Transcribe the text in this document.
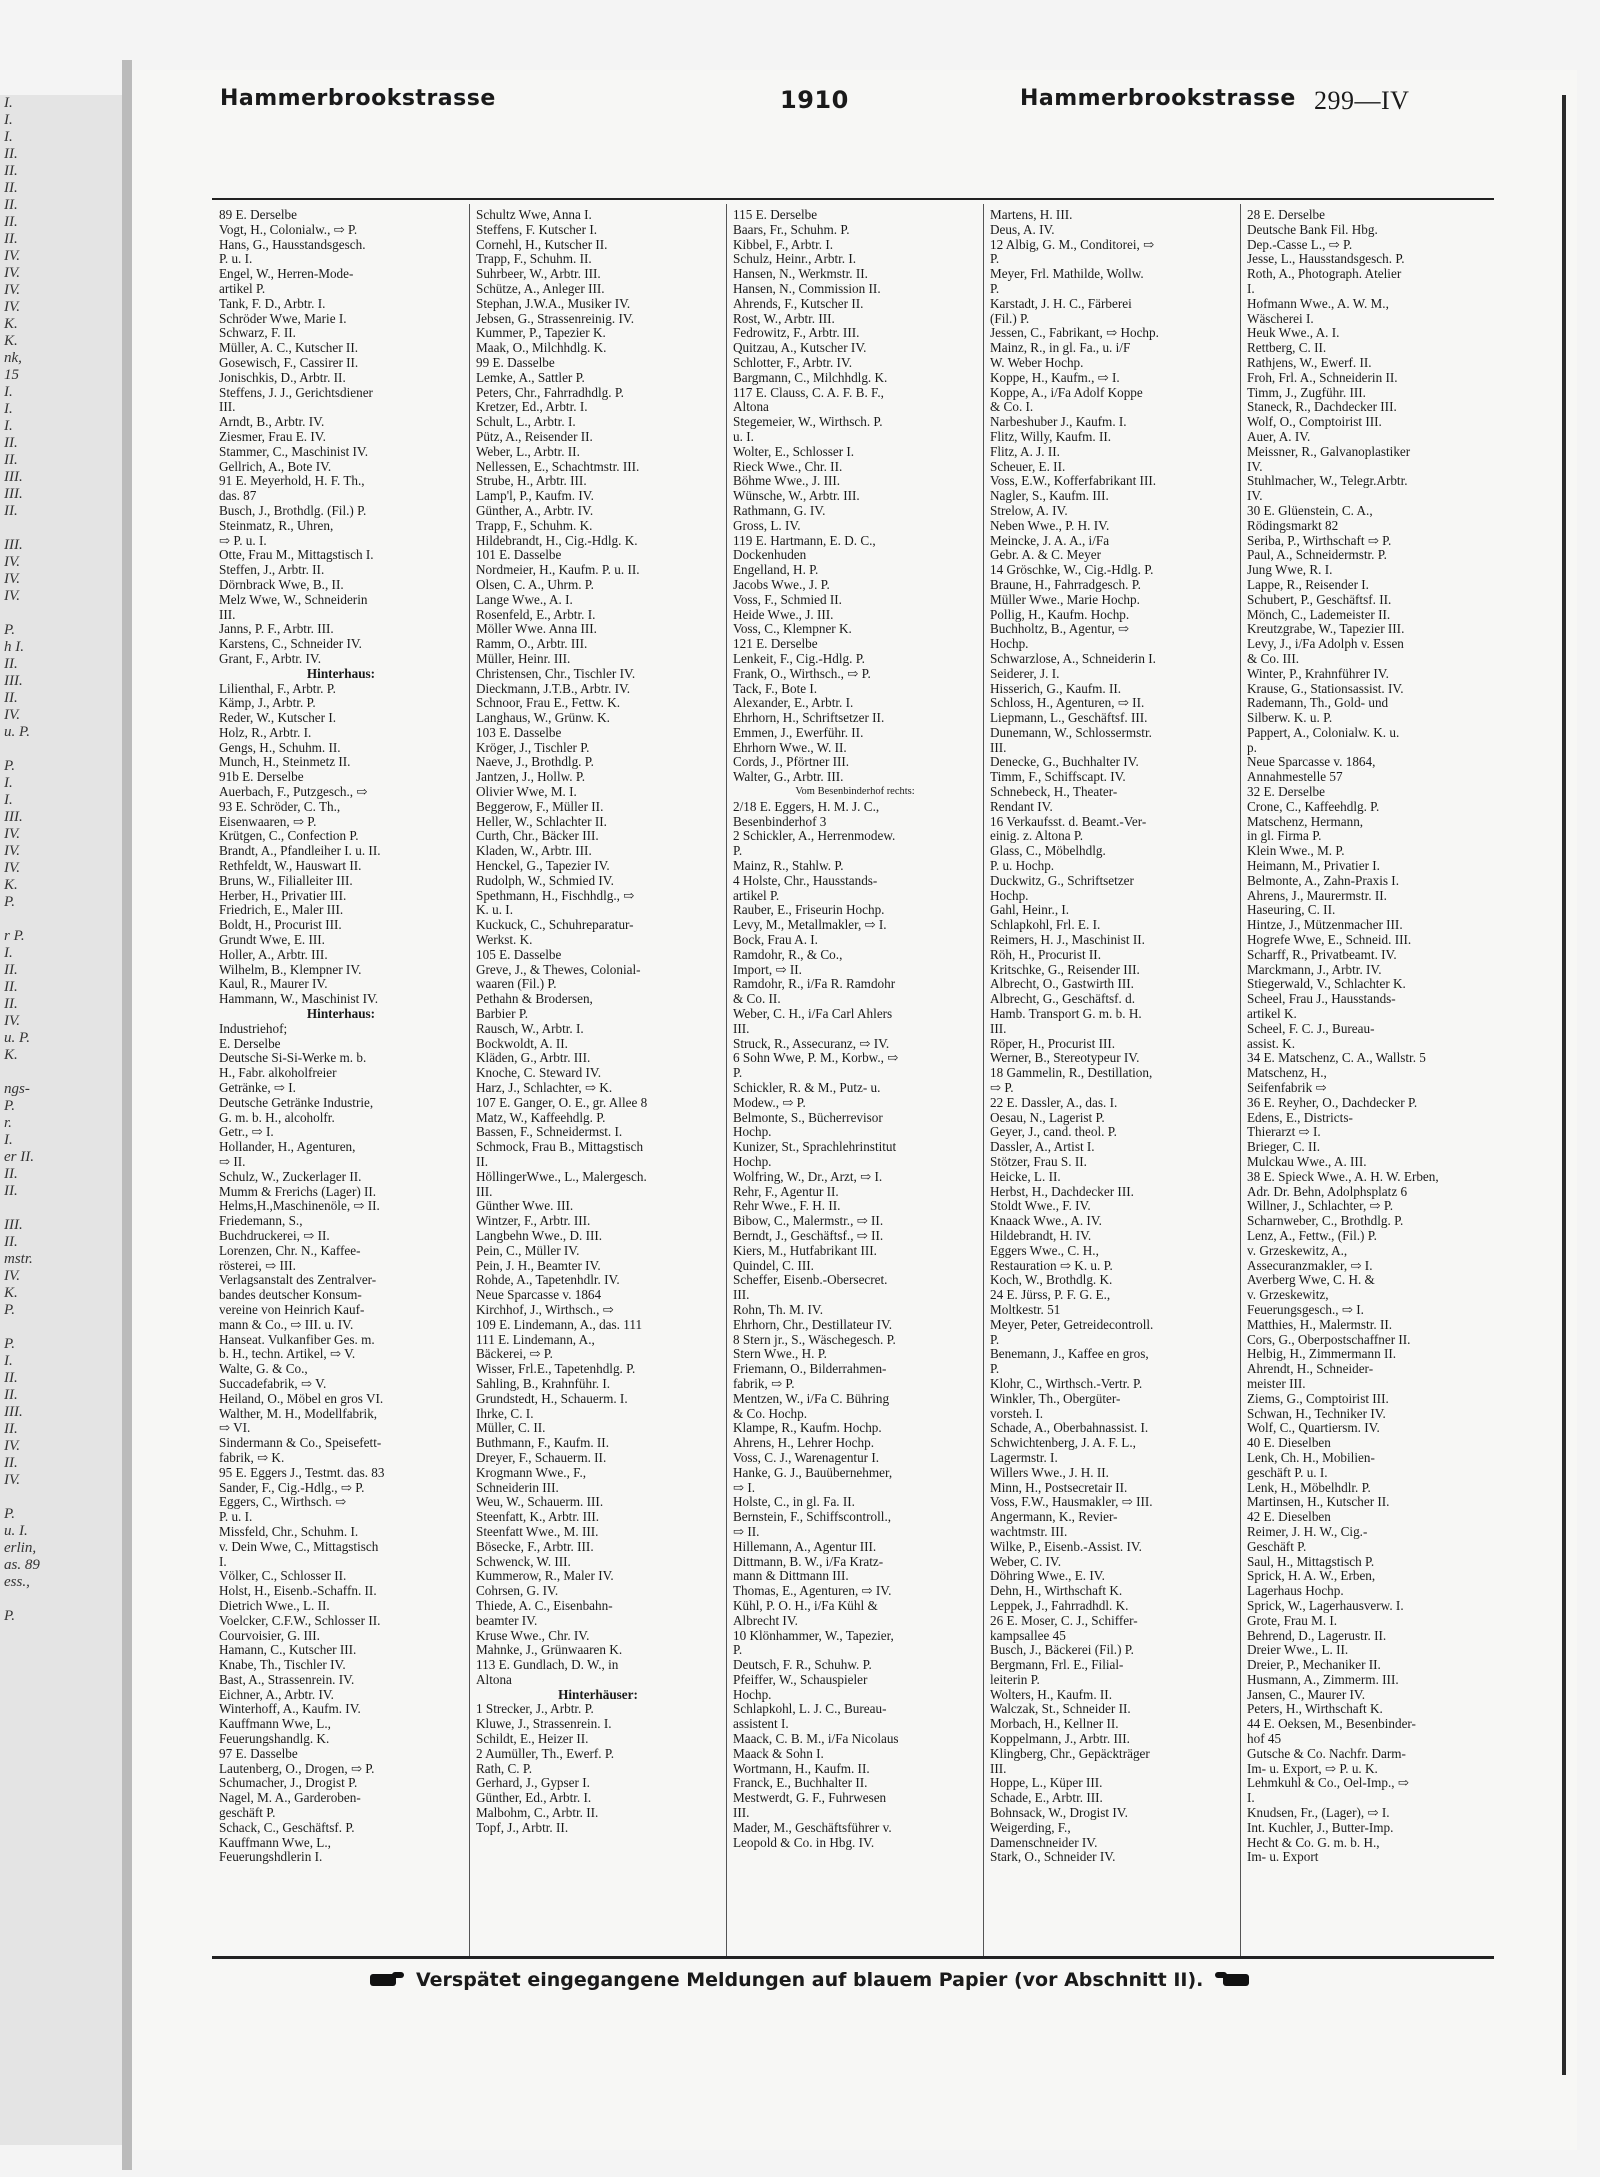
I.
I.
I.
II.
II.
II.
II.
II.
II.
IV.
IV.
IV.
IV.
K.
K.
nk,
15
I.
I.
I.
II.
II.
III.
III.
II.

III.
IV.
IV.
IV.

P.
h I.
II.
III.
II.
IV.
u. P.

P.
I.
I.
III.
IV.
IV.
IV.
K.
P.

r P.
I.
II.
II.
II.
IV.
u. P.
K.

ngs-
P.
r.
I.
er II.
II.
II.

III.
II.
mstr.
IV.
K.
P.

P.
I.
II.
II.
III.
II.
IV.
II.
IV.

P.
u. I.
erlin,
as. 89
ess.,

P.
Hammerbrookstrasse	1910	Hammerbrookstrasse 299—IV
89 E. Derselbe
Vogt, H., Colonialw., ⇨ P.
Hans, G., Hausstandsgesch.
P. u. I.
Engel, W., Herren-Mode-
artikel P.
Tank, F. D., Arbtr. I.
Schröder Wwe, Marie I.
Schwarz, F. II.
Müller, A. C., Kutscher II.
Gosewisch, F., Cassirer II.
Jonischkis, D., Arbtr. II.
Steffens, J. J., Gerichtsdiener
III.
Arndt, B., Arbtr. IV.
Ziesmer, Frau E. IV.
Stammer, C., Maschinist IV.
Gellrich, A., Bote IV.
91 E. Meyerhold, H. F. Th.,
das. 87
Busch, J., Brothdlg. (Fil.) P.
Steinmatz, R., Uhren,
⇨ P. u. I.
Otte, Frau M., Mittagstisch I.
Steffen, J., Arbtr. II.
Dörnbrack Wwe, B., II.
Melz Wwe, W., Schneiderin
III.
Janns, P. F., Arbtr. III.
Karstens, C., Schneider IV.
Grant, F., Arbtr. IV.
Hinterhaus:
Lilienthal, F., Arbtr. P.
Kämp, J., Arbtr. P.
Reder, W., Kutscher I.
Holz, R., Arbtr. I.
Gengs, H., Schuhm. II.
Munch, H., Steinmetz II.
91b E. Derselbe
Auerbach, F., Putzgesch., ⇨
93 E. Schröder, C. Th.,
Eisenwaaren, ⇨ P.
Krütgen, C., Confection P.
Brandt, A., Pfandleiher I. u. II.
Rethfeldt, W., Hauswart II.
Bruns, W., Filialleiter III.
Herber, H., Privatier III.
Friedrich, E., Maler III.
Boldt, H., Procurist III.
Grundt Wwe, E. III.
Holler, A., Arbtr. III.
Wilhelm, B., Klempner IV.
Kaul, R., Maurer IV.
Hammann, W., Maschinist IV.
Hinterhaus:
Industriehof;
E. Derselbe
Deutsche Si-Si-Werke m. b.
H., Fabr. alkoholfreier
Getränke, ⇨ I.
Deutsche Getränke Industrie,
G. m. b. H., alcoholfr.
Getr., ⇨ I.
Hollander, H., Agenturen,
⇨ II.
Schulz, W., Zuckerlager II.
Mumm & Frerichs (Lager) II.
Helms,H.,Maschinenöle, ⇨ II.
Friedemann, S.,
Buchdruckerei, ⇨ II.
Lorenzen, Chr. N., Kaffee-
rösterei, ⇨ III.
Verlagsanstalt des Zentralver-
bandes deutscher Konsum-
vereine von Heinrich Kauf-
mann & Co., ⇨ III. u. IV.
Hanseat. Vulkanfiber Ges. m.
b. H., techn. Artikel, ⇨ V.
Walte, G. & Co.,
Succadefabrik, ⇨ V.
Heiland, O., Möbel en gros VI.
Walther, M. H., Modellfabrik,
⇨ VI.
Sindermann & Co., Speisefett-
fabrik, ⇨ K.
95 E. Eggers J., Testmt. das. 83
Sander, F., Cig.-Hdlg., ⇨ P.
Eggers, C., Wirthsch. ⇨
P. u. I.
Missfeld, Chr., Schuhm. I.
v. Dein Wwe, C., Mittagstisch
I.
Völker, C., Schlosser II.
Holst, H., Eisenb.-Schaffn. II.
Dietrich Wwe., L. II.
Voelcker, C.F.W., Schlosser II.
Courvoisier, G. III.
Hamann, C., Kutscher III.
Knabe, Th., Tischler IV.
Bast, A., Strassenrein. IV.
Eichner, A., Arbtr. IV.
Winterhoff, A., Kaufm. IV.
Kauffmann Wwe, L.,
Feuerungshandlg. K.
97 E. Dasselbe
Lautenberg, O., Drogen, ⇨ P.
Schumacher, J., Drogist P.
Nagel, M. A., Garderoben-
geschäft P.
Schack, C., Geschäftsf. P.
Kauffmann Wwe, L.,
Feuerungshdlerin I.
Schultz Wwe, Anna I.
Steffens, F. Kutscher I.
Cornehl, H., Kutscher II.
Trapp, F., Schuhm. II.
Suhrbeer, W., Arbtr. III.
Schütze, A., Anleger III.
Stephan, J.W.A., Musiker IV.
Jebsen, G., Strassenreinig. IV.
Kummer, P., Tapezier K.
Maak, O., Milchhdlg. K.
99 E. Dasselbe
Lemke, A., Sattler P.
Peters, Chr., Fahrradhdlg. P.
Kretzer, Ed., Arbtr. I.
Schult, L., Arbtr. I.
Pütz, A., Reisender II.
Weber, L., Arbtr. II.
Nellessen, E., Schachtmstr. III.
Strube, H., Arbtr. III.
Lamp'l, P., Kaufm. IV.
Günther, A., Arbtr. IV.
Trapp, F., Schuhm. K.
Hildebrandt, H., Cig.-Hdlg. K.
101 E. Dasselbe
Nordmeier, H., Kaufm. P. u. II.
Olsen, C. A., Uhrm. P.
Lange Wwe., A. I.
Rosenfeld, E., Arbtr. I.
Möller Wwe. Anna III.
Ramm, O., Arbtr. III.
Müller, Heinr. III.
Christensen, Chr., Tischler IV.
Dieckmann, J.T.B., Arbtr. IV.
Schnoor, Frau E., Fettw. K.
Langhaus, W., Grünw. K.
103 E. Dasselbe
Kröger, J., Tischler P.
Naeve, J., Brothdlg. P.
Jantzen, J., Hollw. P.
Olivier Wwe, M. I.
Beggerow, F., Müller II.
Heller, W., Schlachter II.
Curth, Chr., Bäcker III.
Kladen, W., Arbtr. III.
Henckel, G., Tapezier IV.
Rudolph, W., Schmied IV.
Spethmann, H., Fischhdlg., ⇨
K. u. I.
Kuckuck, C., Schuhreparatur-
Werkst. K.
105 E. Dasselbe
Greve, J., & Thewes, Colonial-
waaren (Fil.) P.
Pethahn & Brodersen,
Barbier P.
Rausch, W., Arbtr. I.
Bockwoldt, A. II.
Kläden, G., Arbtr. III.
Knoche, C. Steward IV.
Harz, J., Schlachter, ⇨ K.
107 E. Ganger, O. E., gr. Allee 8
Matz, W., Kaffeehdlg. P.
Bassen, F., Schneidermst. I.
Schmock, Frau B., Mittagstisch
II.
HöllingerWwe., L., Malergesch.
III.
Günther Wwe. III.
Wintzer, F., Arbtr. III.
Langbehn Wwe., D. III.
Pein, C., Müller IV.
Pein, J. H., Beamter IV.
Rohde, A., Tapetenhdlr. IV.
Neue Sparcasse v. 1864
Kirchhof, J., Wirthsch., ⇨
109 E. Lindemann, A., das. 111
111 E. Lindemann, A.,
Bäckerei, ⇨ P.
Wisser, Frl.E., Tapetenhdlg. P.
Sahling, B., Krahnführ. I.
Grundstedt, H., Schauerm. I.
Ihrke, C. I.
Müller, C. II.
Buthmann, F., Kaufm. II.
Dreyer, F., Schauerm. II.
Krogmann Wwe., F.,
Schneiderin III.
Weu, W., Schauerm. III.
Steenfatt, K., Arbtr. III.
Steenfatt Wwe., M. III.
Bösecke, F., Arbtr. III.
Schwenck, W. III.
Kummerow, R., Maler IV.
Cohrsen, G. IV.
Thiede, A. C., Eisenbahn-
beamter IV.
Kruse Wwe., Chr. IV.
Mahnke, J., Grünwaaren K.
113 E. Gundlach, D. W., in
Altona
Hinterhäuser:
1 Strecker, J., Arbtr. P.
Kluwe, J., Strassenrein. I.
Schildt, E., Heizer II.
2 Aumüller, Th., Ewerf. P.
Rath, C. P.
Gerhard, J., Gypser I.
Günther, Ed., Arbtr. I.
Malbohm, C., Arbtr. II.
Topf, J., Arbtr. II.
115 E. Derselbe
Baars, Fr., Schuhm. P.
Kibbel, F., Arbtr. I.
Schulz, Heinr., Arbtr. I.
Hansen, N., Werkmstr. II.
Hansen, N., Commission II.
Ahrends, F., Kutscher II.
Rost, W., Arbtr. III.
Fedrowitz, F., Arbtr. III.
Quitzau, A., Kutscher IV.
Schlotter, F., Arbtr. IV.
Bargmann, C., Milchhdlg. K.
117 E. Clauss, C. A. F. B. F.,
Altona
Stegemeier, W., Wirthsch. P.
u. I.
Wolter, E., Schlosser I.
Rieck Wwe., Chr. II.
Böhme Wwe., J. III.
Wünsche, W., Arbtr. III.
Rathmann, G. IV.
Gross, L. IV.
119 E. Hartmann, E. D. C.,
Dockenhuden
Engelland, H. P.
Jacobs Wwe., J. P.
Voss, F., Schmied II.
Heide Wwe., J. III.
Voss, C., Klempner K.
121 E. Derselbe
Lenkeit, F., Cig.-Hdlg. P.
Frank, O., Wirthsch., ⇨ P.
Tack, F., Bote I.
Alexander, E., Arbtr. I.
Ehrhorn, H., Schriftsetzer II.
Emmen, J., Ewerführ. II.
Ehrhorn Wwe., W. II.
Cords, J., Pförtner III.
Walter, G., Arbtr. III.
Vom Besenbinderhof rechts:
2/18 E. Eggers, H. M. J. C.,
Besenbinderhof 3
2 Schickler, A., Herrenmodew.
P.
Mainz, R., Stahlw. P.
4 Holste, Chr., Hausstands-
artikel P.
Rauber, E., Friseurin Hochp.
Levy, M., Metallmakler, ⇨ I.
Bock, Frau A. I.
Ramdohr, R., & Co.,
Import, ⇨ II.
Ramdohr, R., i/Fa R. Ramdohr
& Co. II.
Weber, C. H., i/Fa Carl Ahlers
III.
Struck, R., Assecuranz, ⇨ IV.
6 Sohn Wwe, P. M., Korbw., ⇨
P.
Schickler, R. & M., Putz- u.
Modew., ⇨ P.
Belmonte, S., Bücherrevisor
Hochp.
Kunizer, St., Sprachlehrinstitut
Hochp.
Wolfring, W., Dr., Arzt, ⇨ I.
Rehr, F., Agentur II.
Rehr Wwe., F. H. II.
Bibow, C., Malermstr., ⇨ II.
Berndt, J., Geschäftsf., ⇨ II.
Kiers, M., Hutfabrikant III.
Quindel, C. III.
Scheffer, Eisenb.-Obersecret.
III.
Rohn, Th. M. IV.
Ehrhorn, Chr., Destillateur IV.
8 Stern jr., S., Wäschegesch. P.
Stern Wwe., H. P.
Friemann, O., Bilderrahmen-
fabrik, ⇨ P.
Mentzen, W., i/Fa C. Bühring
& Co. Hochp.
Klampe, R., Kaufm. Hochp.
Ahrens, H., Lehrer Hochp.
Voss, C. J., Warenagentur I.
Hanke, G. J., Bauübernehmer,
⇨ I.
Holste, C., in gl. Fa. II.
Bernstein, F., Schiffscontroll.,
⇨ II.
Hillemann, A., Agentur III.
Dittmann, B. W., i/Fa Kratz-
mann & Dittmann III.
Thomas, E., Agenturen, ⇨ IV.
Kühl, P. O. H., i/Fa Kühl &
Albrecht IV.
10 Klönhammer, W., Tapezier,
P.
Deutsch, F. R., Schuhw. P.
Pfeiffer, W., Schauspieler
Hochp.
Schlapkohl, L. J. C., Bureau-
assistent I.
Maack, C. B. M., i/Fa Nicolaus
Maack & Sohn I.
Wortmann, H., Kaufm. II.
Franck, E., Buchhalter II.
Mestwerdt, G. F., Fuhrwesen
III.
Mader, M., Geschäftsführer v.
Leopold & Co. in Hbg. IV.
Martens, H. III.
Deus, A. IV.
12 Albig, G. M., Conditorei, ⇨
P.
Meyer, Frl. Mathilde, Wollw.
P.
Karstadt, J. H. C., Färberei
(Fil.) P.
Jessen, C., Fabrikant, ⇨ Hochp.
Mainz, R., in gl. Fa., u. i/F
W. Weber Hochp.
Koppe, H., Kaufm., ⇨ I.
Koppe, A., i/Fa Adolf Koppe
& Co. I.
Narbeshuber J., Kaufm. I.
Flitz, Willy, Kaufm. II.
Flitz, A. J. II.
Scheuer, E. II.
Voss, E.W., Kofferfabrikant III.
Nagler, S., Kaufm. III.
Strelow, A. IV.
Neben Wwe., P. H. IV.
Meincke, J. A. A., i/Fa
Gebr. A. & C. Meyer
14 Gröschke, W., Cig.-Hdlg. P.
Braune, H., Fahrradgesch. P.
Müller Wwe., Marie Hochp.
Pollig, H., Kaufm. Hochp.
Buchholtz, B., Agentur, ⇨
Hochp.
Schwarzlose, A., Schneiderin I.
Seiderer, J. I.
Hisserich, G., Kaufm. II.
Schloss, H., Agenturen, ⇨ II.
Liepmann, L., Geschäftsf. III.
Dunemann, W., Schlossermstr.
III.
Denecke, G., Buchhalter IV.
Timm, F., Schiffscapt. IV.
Schnebeck, H., Theater-
Rendant IV.
16 Verkaufsst. d. Beamt.-Ver-
einig. z. Altona P.
Glass, C., Möbelhdlg.
P. u. Hochp.
Duckwitz, G., Schriftsetzer
Hochp.
Gahl, Heinr., I.
Schlapkohl, Frl. E. I.
Reimers, H. J., Maschinist II.
Röh, H., Procurist II.
Kritschke, G., Reisender III.
Albrecht, O., Gastwirth III.
Albrecht, G., Geschäftsf. d.
Hamb. Transport G. m. b. H.
III.
Röper, H., Procurist III.
Werner, B., Stereotypeur IV.
18 Gammelin, R., Destillation,
⇨ P.
22 E. Dassler, A., das. I.
Oesau, N., Lagerist P.
Geyer, J., cand. theol. P.
Dassler, A., Artist I.
Stötzer, Frau S. II.
Heicke, L. II.
Herbst, H., Dachdecker III.
Stoldt Wwe., F. IV.
Knaack Wwe., A. IV.
Hildebrandt, H. IV.
Eggers Wwe., C. H.,
Restauration ⇨ K. u. P.
Koch, W., Brothdlg. K.
24 E. Jürss, P. F. G. E.,
Moltkestr. 51
Meyer, Peter, Getreidecontroll.
P.
Benemann, J., Kaffee en gros,
P.
Klohr, C., Wirthsch.-Vertr. P.
Winkler, Th., Obergüter-
vorsteh. I.
Schade, A., Oberbahnassist. I.
Schwichtenberg, J. A. F. L.,
Lagermstr. I.
Willers Wwe., J. H. II.
Minn, H., Postsecretair II.
Voss, F.W., Hausmakler, ⇨ III.
Angermann, K., Revier-
wachtmstr. III.
Wilke, P., Eisenb.-Assist. IV.
Weber, C. IV.
Döhring Wwe., E. IV.
Dehn, H., Wirthschaft K.
Leppek, J., Fahrradhdl. K.
26 E. Moser, C. J., Schiffer-
kampsallee 45
Busch, J., Bäckerei (Fil.) P.
Bergmann, Frl. E., Filial-
leiterin P.
Wolters, H., Kaufm. II.
Walczak, St., Schneider II.
Morbach, H., Kellner II.
Koppelmann, J., Arbtr. III.
Klingberg, Chr., Gepäckträger
III.
Hoppe, L., Küper III.
Schade, E., Arbtr. III.
Bohnsack, W., Drogist IV.
Weigerding, F.,
Damenschneider IV.
Stark, O., Schneider IV.
28 E. Derselbe
Deutsche Bank Fil. Hbg.
Dep.-Casse L., ⇨ P.
Jesse, L., Hausstandsgesch. P.
Roth, A., Photograph. Atelier
I.
Hofmann Wwe., A. W. M.,
Wäscherei I.
Heuk Wwe., A. I.
Rettberg, C. II.
Rathjens, W., Ewerf. II.
Froh, Frl. A., Schneiderin II.
Timm, J., Zugführ. III.
Staneck, R., Dachdecker III.
Wolf, O., Comptoirist III.
Auer, A. IV.
Meissner, R., Galvanoplastiker
IV.
Stuhlmacher, W., Telegr.Arbtr.
IV.
30 E. Glüenstein, C. A.,
Rödingsmarkt 82
Seriba, P., Wirthschaft ⇨ P.
Paul, A., Schneidermstr. P.
Jung Wwe, R. I.
Lappe, R., Reisender I.
Schubert, P., Geschäftsf. II.
Mönch, C., Lademeister II.
Kreutzgrabe, W., Tapezier III.
Levy, J., i/Fa Adolph v. Essen
& Co. III.
Winter, P., Krahnführer IV.
Krause, G., Stationsassist. IV.
Rademann, Th., Gold- und
Silberw. K. u. P.
Pappert, A., Colonialw. K. u.
p.
Neue Sparcasse v. 1864,
Annahmestelle 57
32 E. Derselbe
Crone, C., Kaffeehdlg. P.
Matschenz, Hermann,
in gl. Firma P.
Klein Wwe., M. P.
Heimann, M., Privatier I.
Belmonte, A., Zahn-Praxis I.
Ahrens, J., Maurermstr. II.
Haseuring, C. II.
Hintze, J., Mützenmacher III.
Hogrefe Wwe, E., Schneid. III.
Scharff, R., Privatbeamt. IV.
Marckmann, J., Arbtr. IV.
Stiegerwald, V., Schlachter K.
Scheel, Frau J., Hausstands-
artikel K.
Scheel, F. C. J., Bureau-
assist. K.
34 E. Matschenz, C. A., Wallstr. 5
Matschenz, H.,
Seifenfabrik ⇨
36 E. Reyher, O., Dachdecker P.
Edens, E., Districts-
Thierarzt ⇨ I.
Brieger, C. II.
Mulckau Wwe., A. III.
38 E. Spieck Wwe., A. H. W. Erben,
Adr. Dr. Behn, Adolphsplatz 6
Willner, J., Schlachter, ⇨ P.
Scharnweber, C., Brothdlg. P.
Lenz, A., Fettw., (Fil.) P.
v. Grzeskewitz, A.,
Assecuranzmakler, ⇨ I.
Averberg Wwe, C. H. &
v. Grzeskewitz,
Feuerungsgesch., ⇨ I.
Matthies, H., Malermstr. II.
Cors, G., Oberpostschaffner II.
Helbig, H., Zimmermann II.
Ahrendt, H., Schneider-
meister III.
Ziems, G., Comptoirist III.
Schwan, H., Techniker IV.
Wolf, C., Quartiersm. IV.
40 E. Dieselben
Lenk, Ch. H., Mobilien-
geschäft P. u. I.
Lenk, H., Möbelhdlr. P.
Martinsen, H., Kutscher II.
42 E. Dieselben
Reimer, J. H. W., Cig.-
Geschäft P.
Saul, H., Mittagstisch P.
Sprick, H. A. W., Erben,
Lagerhaus Hochp.
Sprick, W., Lagerhausverw. I.
Grote, Frau M. I.
Behrend, D., Lagerustr. II.
Dreier Wwe., L. II.
Dreier, P., Mechaniker II.
Husmann, A., Zimmerm. III.
Jansen, C., Maurer IV.
Peters, H., Wirthschaft K.
44 E. Oeksen, M., Besenbinder-
hof 45
Gutsche & Co. Nachfr. Darm-
Im- u. Export, ⇨ P. u. K.
Lehmkuhl & Co., Oel-Imp., ⇨
I.
Knudsen, Fr., (Lager), ⇨ I.
Int. Kuchler, J., Butter-Imp.
Hecht & Co. G. m. b. H.,
Im- u. Export
Verspätet eingegangene Meldungen auf blauem Papier (vor Abschnitt II).
